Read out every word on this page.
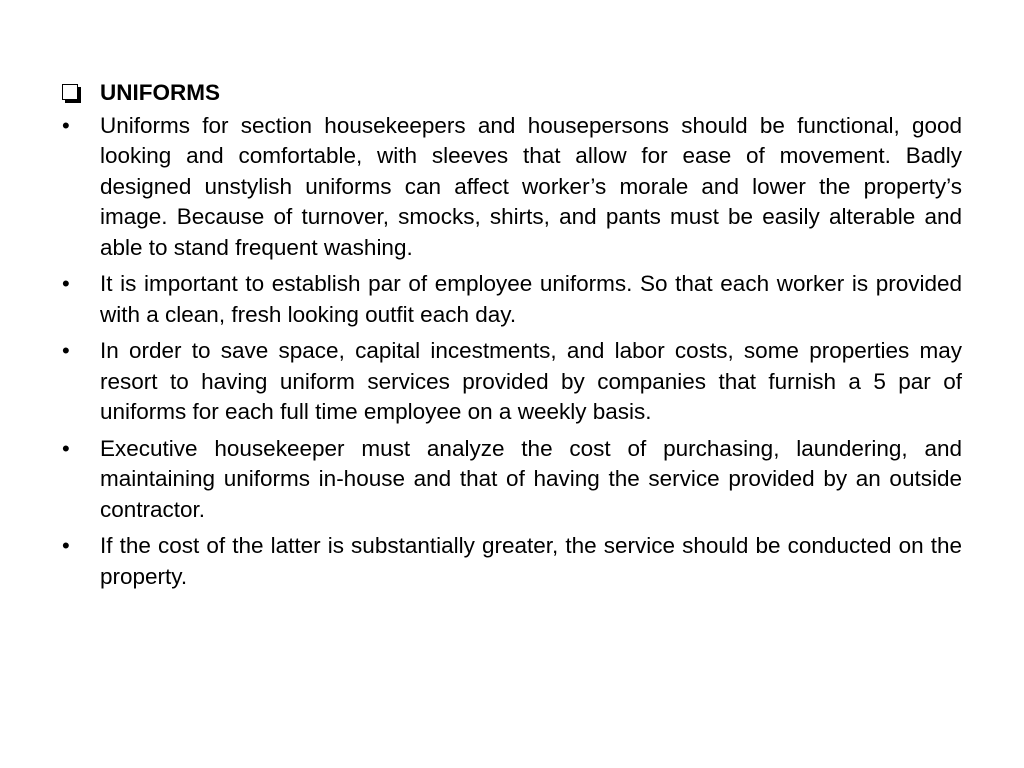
UNIFORMS
•	Uniforms for section housekeepers and housepersons should be functional, good looking and comfortable, with sleeves that allow for ease of movement. Badly designed unstylish uniforms can affect worker’s morale and lower the property’s image. Because of turnover, smocks, shirts, and pants must be easily alterable and able to stand frequent washing.
•	It is important to establish par of employee uniforms. So that each worker is provided with a clean, fresh looking outfit each day.
•	In order to save space, capital incestments, and labor costs, some properties may resort to having uniform services provided by companies that furnish a 5 par of uniforms for each full time employee on a weekly basis.
•	Executive housekeeper must analyze the cost of purchasing, laundering, and maintaining uniforms in-house and that of having the service provided by an outside contractor.
•	If the cost of the latter is substantially greater, the service should be conducted on the property.
